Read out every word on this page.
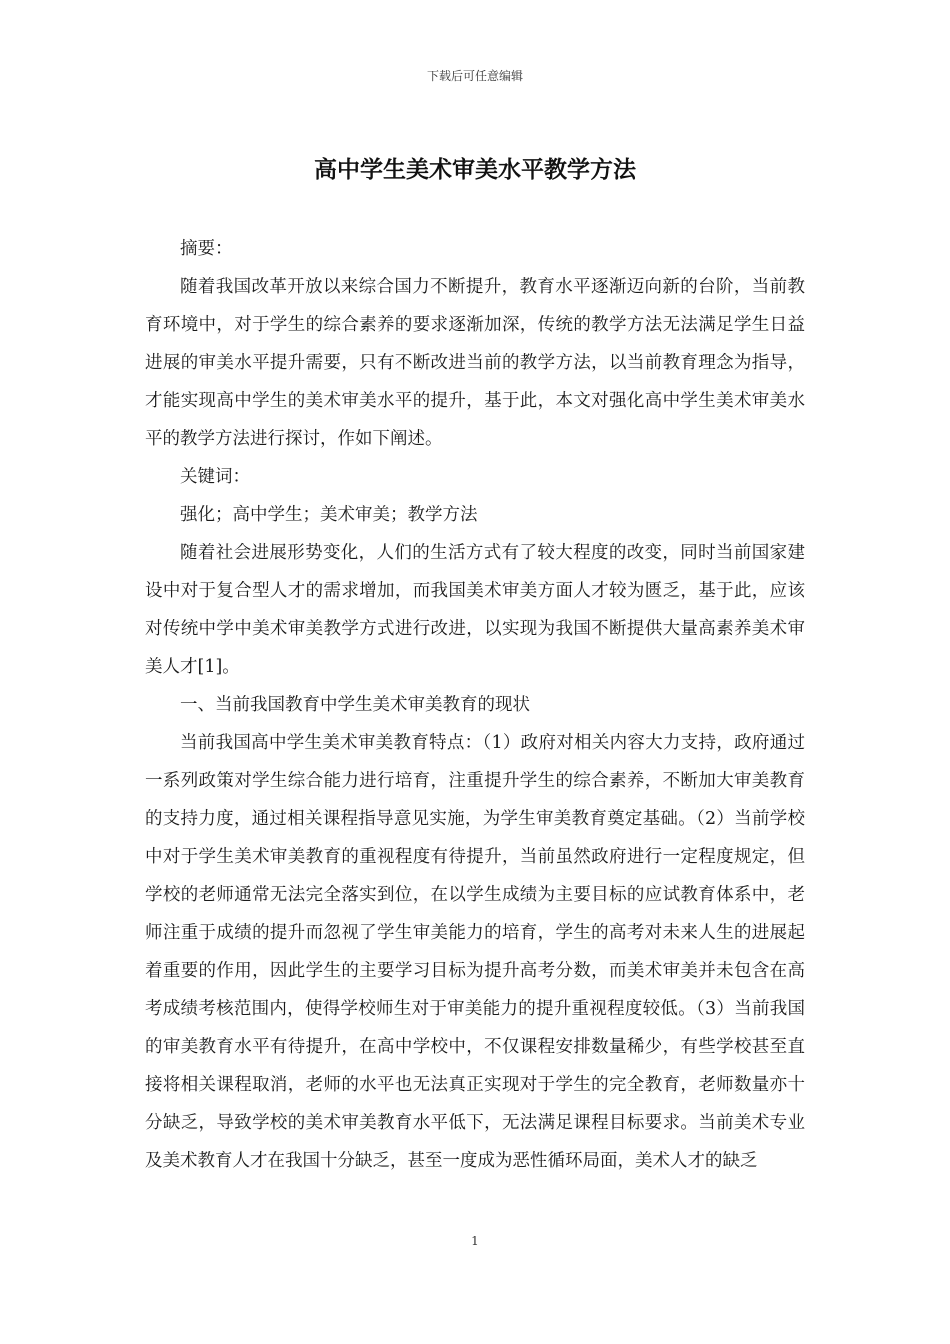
下载后可任意编辑
高中学生美术审美水平教学方法

摘要：

随着我国改革开放以来综合国力不断提升，教育水平逐渐迈向新的台阶，当前教育环境中，对于学生的综合素养的要求逐渐加深，传统的教学方法无法满足学生日益进展的审美水平提升需要，只有不断改进当前的教学方法，以当前教育理念为指导，才能实现高中学生的美术审美水平的提升，基于此，本文对强化高中学生美术审美水平的教学方法进行探讨，作如下阐述。

关键词：

强化；高中学生；美术审美；教学方法

随着社会进展形势变化，人们的生活方式有了较大程度的改变，同时当前国家建设中对于复合型人才的需求增加，而我国美术审美方面人才较为匮乏，基于此，应该对传统中学中美术审美教学方式进行改进，以实现为我国不断提供大量高素养美术审美人才[1]。

一、当前我国教育中学生美术审美教育的现状

当前我国高中学生美术审美教育特点：（1）政府对相关内容大力支持，政府通过一系列政策对学生综合能力进行培育，注重提升学生的综合素养，不断加大审美教育的支持力度，通过相关课程指导意见实施，为学生审美教育奠定基础。（2）当前学校中对于学生美术审美教育的重视程度有待提升，当前虽然政府进行一定程度规定，但学校的老师通常无法完全落实到位，在以学生成绩为主要目标的应试教育体系中，老师注重于成绩的提升而忽视了学生审美能力的培育，学生的高考对未来人生的进展起着重要的作用，因此学生的主要学习目标为提升高考分数，而美术审美并未包含在高考成绩考核范围内，使得学校师生对于审美能力的提升重视程度较低。（3）当前我国的审美教育水平有待提升，在高中学校中，不仅课程安排数量稀少，有些学校甚至直接将相关课程取消，老师的水平也无法真正实现对于学生的完全教育，老师数量亦十分缺乏，导致学校的美术审美教育水平低下，无法满足课程目标要求。当前美术专业及美术教育人才在我国十分缺乏，甚至一度成为恶性循环局面，美术人才的缺乏

1
